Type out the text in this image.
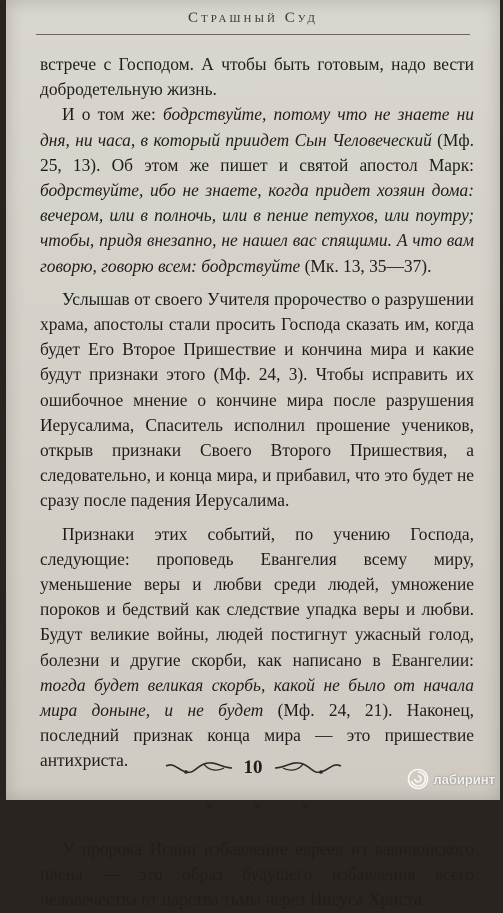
Страшный Суд

встрече с Господом. А чтобы быть готовым, надо вести добродетельную жизнь.

И о том же: бодрствуйте, потому что не знаете ни дня, ни часа, в который приидет Сын Человеческий (Мф. 25, 13). Об этом же пишет и святой апостол Марк: бодрствуйте, ибо не знаете, когда придет хозяин дома: вечером, или в полночь, или в пение петухов, или поутру; чтобы, придя внезапно, не нашел вас спящими. А что вам говорю, говорю всем: бодрствуйте (Мк. 13, 35—37).

Услышав от своего Учителя пророчество о разрушении храма, апостолы стали просить Господа сказать им, когда будет Его Второе Пришествие и кончина мира и какие будут признаки этого (Мф. 24, 3). Чтобы исправить их ошибочное мнение о кончине мира после разрушения Иерусалима, Спаситель исполнил прошение учеников, открыв признаки Своего Второго Пришествия, а следовательно, и конца мира, и прибавил, что это будет не сразу после падения Иерусалима.

Признаки этих событий, по учению Господа, следующие: проповедь Евангелия всему миру, уменьшение веры и любви среди людей, умножение пороков и бедствий как следствие упадка веры и любви. Будут великие войны, людей постигнут ужасный голод, болезни и другие скорби, как написано в Евангелии: тогда будет великая скорбь, какой не было от начала мира доныне, и не будет (Мф. 24, 21). Наконец, последний признак конца мира — это пришествие антихриста.

* * *

У пророка Исаии избавление евреев из вавилонского плена — это образ будущего избавления всего человечества от царства тьмы через Иисуса Христа.

10
лабиринт
